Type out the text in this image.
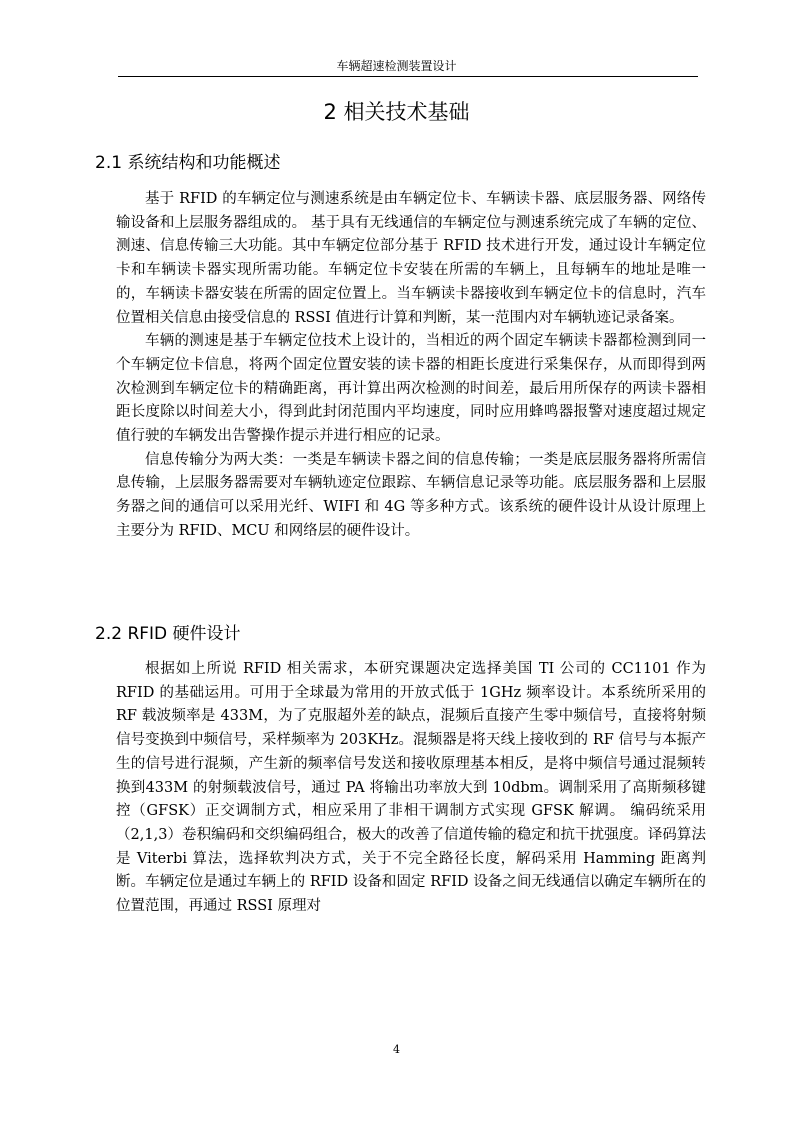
车辆超速检测装置设计
2 相关技术基础
2.1 系统结构和功能概述

基于 RFID 的车辆定位与测速系统是由车辆定位卡、车辆读卡器、底层服务器、网络传输设备和上层服务器组成的。 基于具有无线通信的车辆定位与测速系统完成了车辆的定位、测速、信息传输三大功能。其中车辆定位部分基于 RFID 技术进行开发，通过设计车辆定位卡和车辆读卡器实现所需功能。车辆定位卡安装在所需的车辆上，且每辆车的地址是唯一的，车辆读卡器安装在所需的固定位置上。当车辆读卡器接收到车辆定位卡的信息时，汽车位置相关信息由接受信息的 RSSI 值进行计算和判断，某一范围内对车辆轨迹记录备案。

车辆的测速是基于车辆定位技术上设计的，当相近的两个固定车辆读卡器都检测到同一个车辆定位卡信息，将两个固定位置安装的读卡器的相距长度进行采集保存，从而即得到两次检测到车辆定位卡的精确距离，再计算出两次检测的时间差，最后用所保存的两读卡器相距长度除以时间差大小，得到此封闭范围内平均速度，同时应用蜂鸣器报警对速度超过规定值行驶的车辆发出告警操作提示并进行相应的记录。

信息传输分为两大类：一类是车辆读卡器之间的信息传输；一类是底层服务器将所需信息传输，上层服务器需要对车辆轨迹定位跟踪、车辆信息记录等功能。底层服务器和上层服务器之间的通信可以采用光纤、WIFI 和 4G 等多种方式。该系统的硬件设计从设计原理上主要分为 RFID、MCU 和网络层的硬件设计。

2.2 RFID 硬件设计

根据如上所说 RFID 相关需求，本研究课题决定选择美国 TI 公司的 CC1101 作为 RFID 的基础运用。可用于全球最为常用的开放式低于 1GHz 频率设计。本系统所采用的 RF 载波频率是 433M，为了克服超外差的缺点，混频后直接产生零中频信号，直接将射频信号变换到中频信号，采样频率为 203KHz。混频器是将天线上接收到的 RF 信号与本振产生的信号进行混频，产生新的频率信号发送和接收原理基本相反，是将中频信号通过混频转换到433M 的射频载波信号，通过 PA 将输出功率放大到 10dbm。调制采用了高斯频移键控（GFSK）正交调制方式，相应采用了非相干调制方式实现 GFSK 解调。 编码统采用（2,1,3）卷积编码和交织编码组合，极大的改善了信道传输的稳定和抗干扰强度。译码算法是 Viterbi 算法，选择软判决方式，关于不完全路径长度，解码采用 Hamming 距离判断。车辆定位是通过车辆上的 RFID 设备和固定 RFID 设备之间无线通信以确定车辆所在的位置范围，再通过 RSSI 原理对

4
